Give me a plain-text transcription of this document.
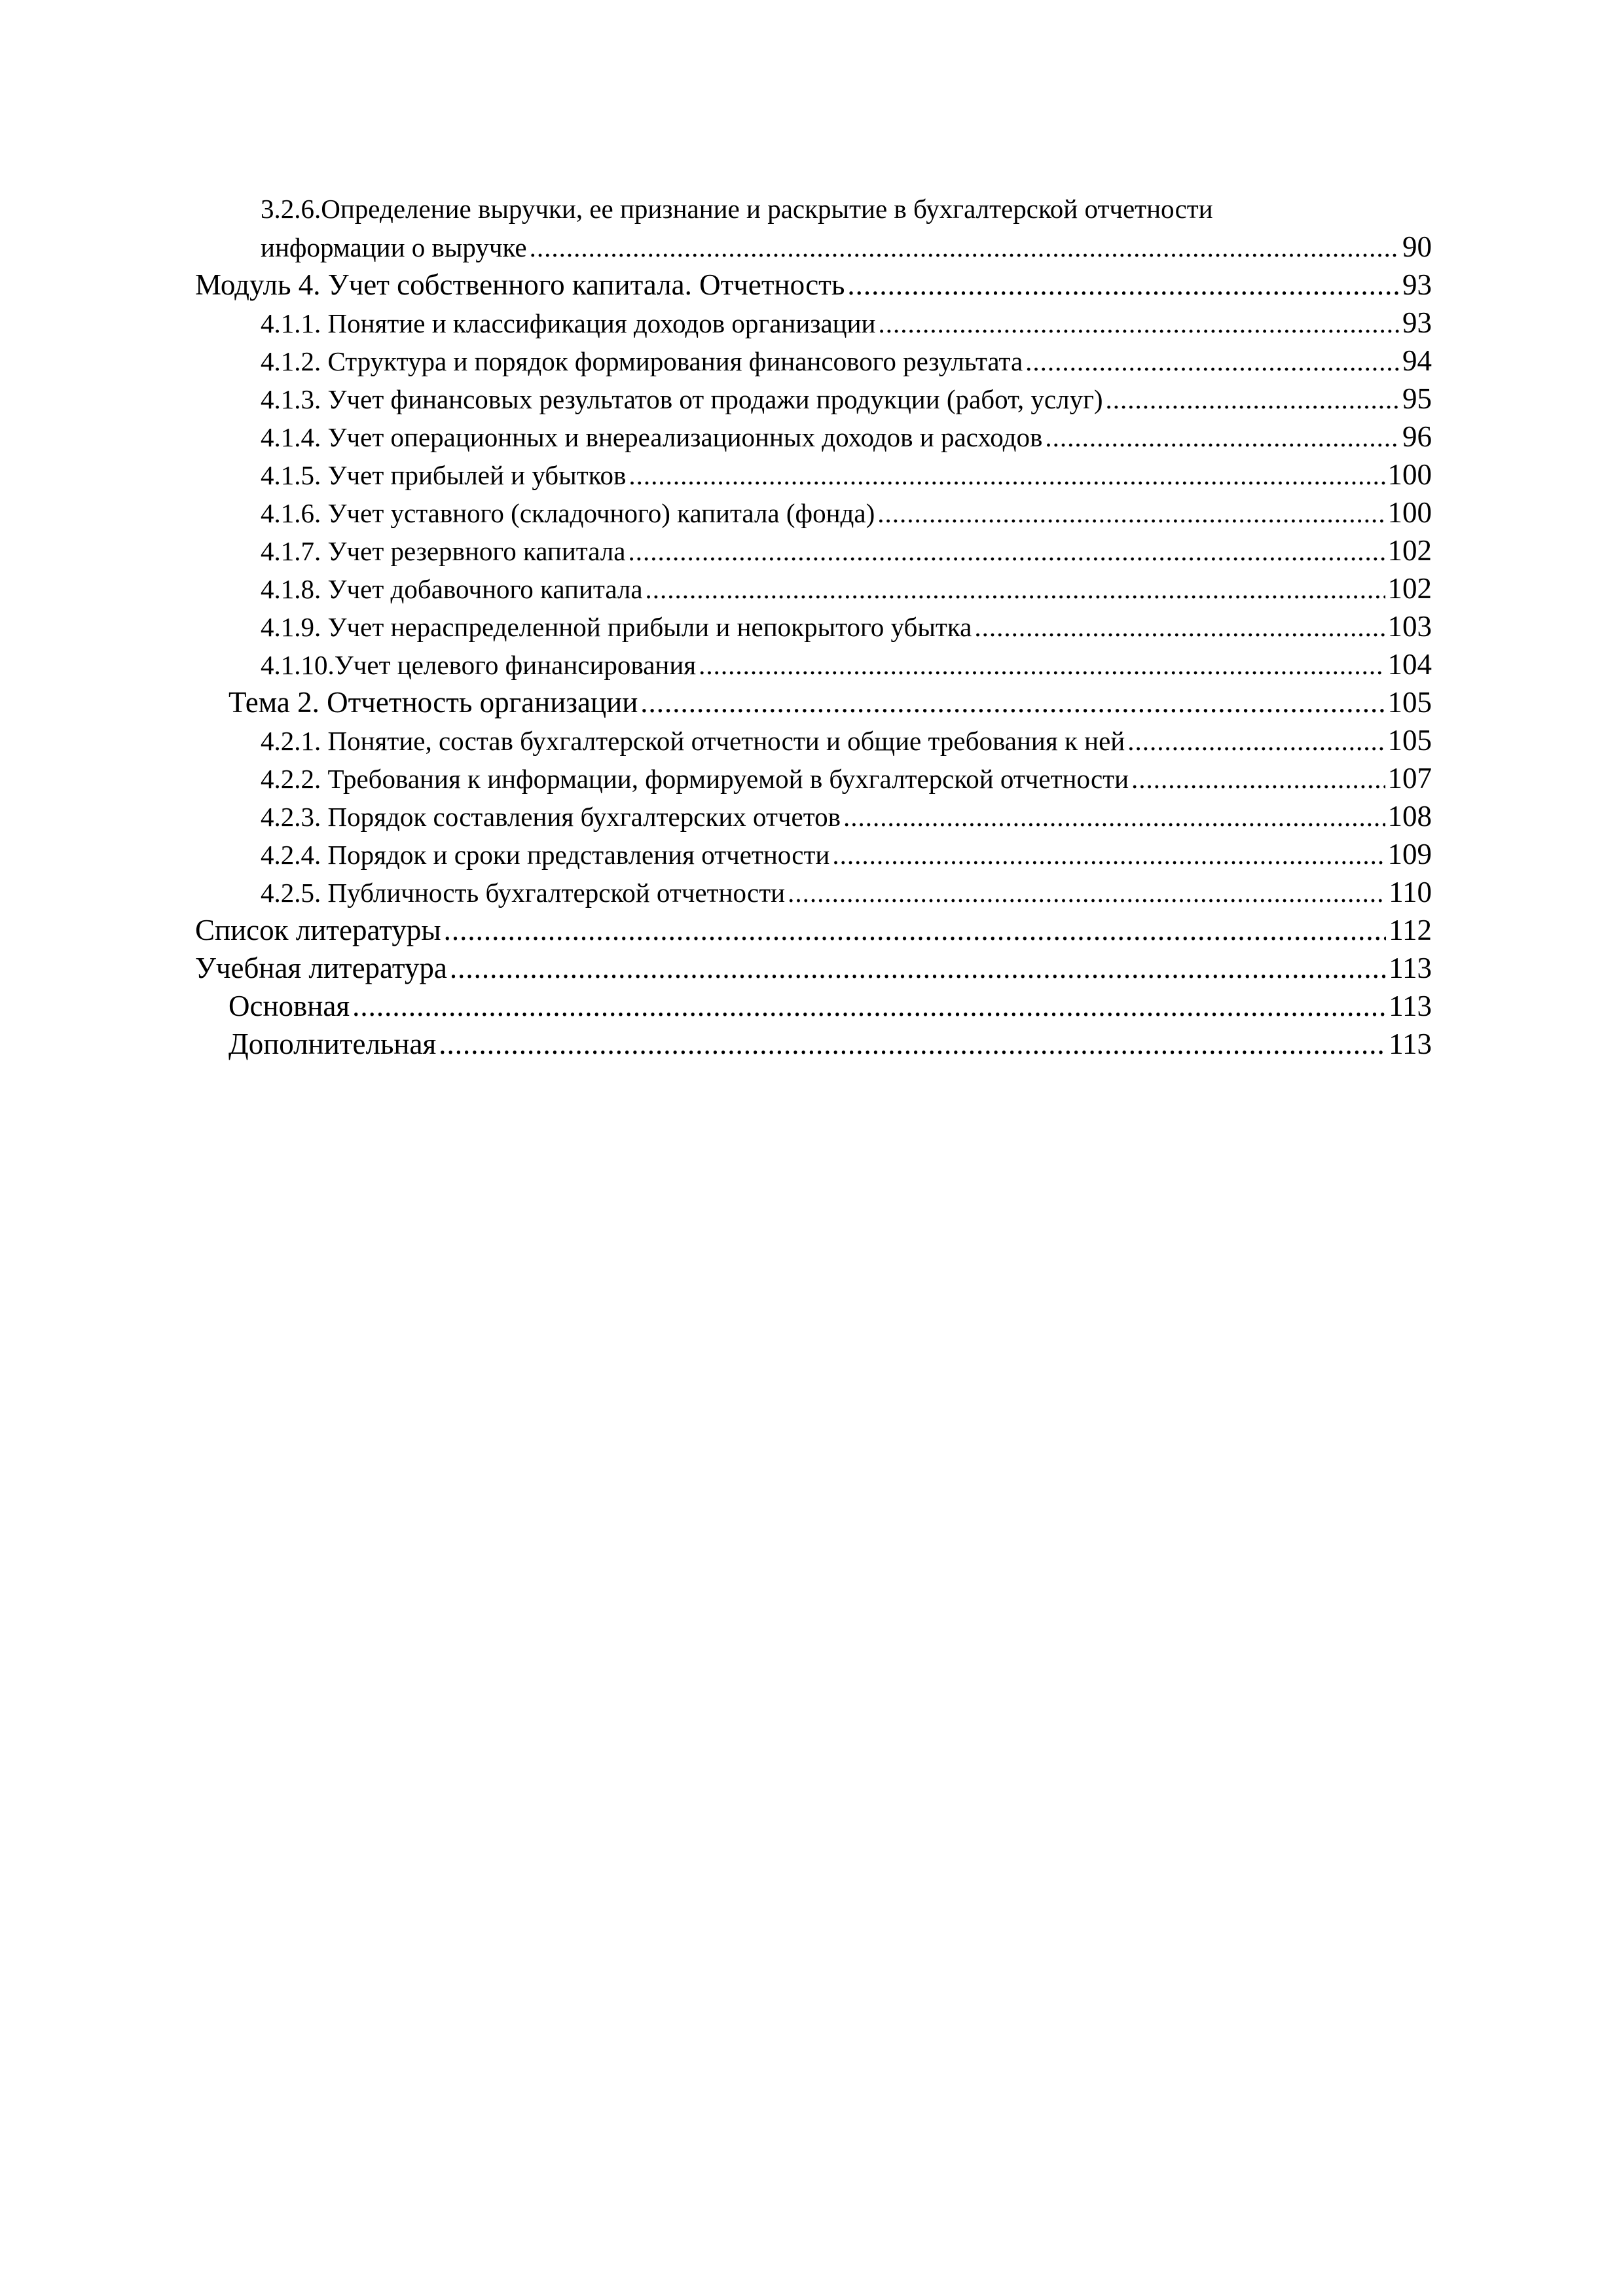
3.2.6.Определение выручки, ее признание и раскрытие в бухгалтерской отчетности
информации о выручке .....	90
Модуль 4. Учет собственного капитала. Отчетность .....	93
4.1.1. Понятие и классификация доходов организации .....	93
4.1.2. Структура и порядок формирования финансового результата .....	94
4.1.3. Учет финансовых результатов от продажи продукции (работ, услуг) .....	95
4.1.4. Учет операционных и внереализационных доходов и расходов .....	96
4.1.5. Учет прибылей и убытков .....	100
4.1.6. Учет уставного (складочного) капитала (фонда) .....	100
4.1.7. Учет резервного капитала .....	102
4.1.8. Учет добавочного капитала .....	102
4.1.9. Учет нераспределенной прибыли и непокрытого убытка .....	103
4.1.10.Учет целевого финансирования .....	104
Тема 2. Отчетность организации .....	105
4.2.1. Понятие, состав бухгалтерской отчетности и общие требования к ней .....	105
4.2.2. Требования к информации, формируемой в бухгалтерской отчетности .....	107
4.2.3. Порядок составления бухгалтерских отчетов .....	108
4.2.4. Порядок и сроки представления отчетности .....	109
4.2.5. Публичность бухгалтерской отчетности .....	110
Список литературы .....	112
Учебная литература .....	113
Основная .....	113
Дополнительная .....	113
